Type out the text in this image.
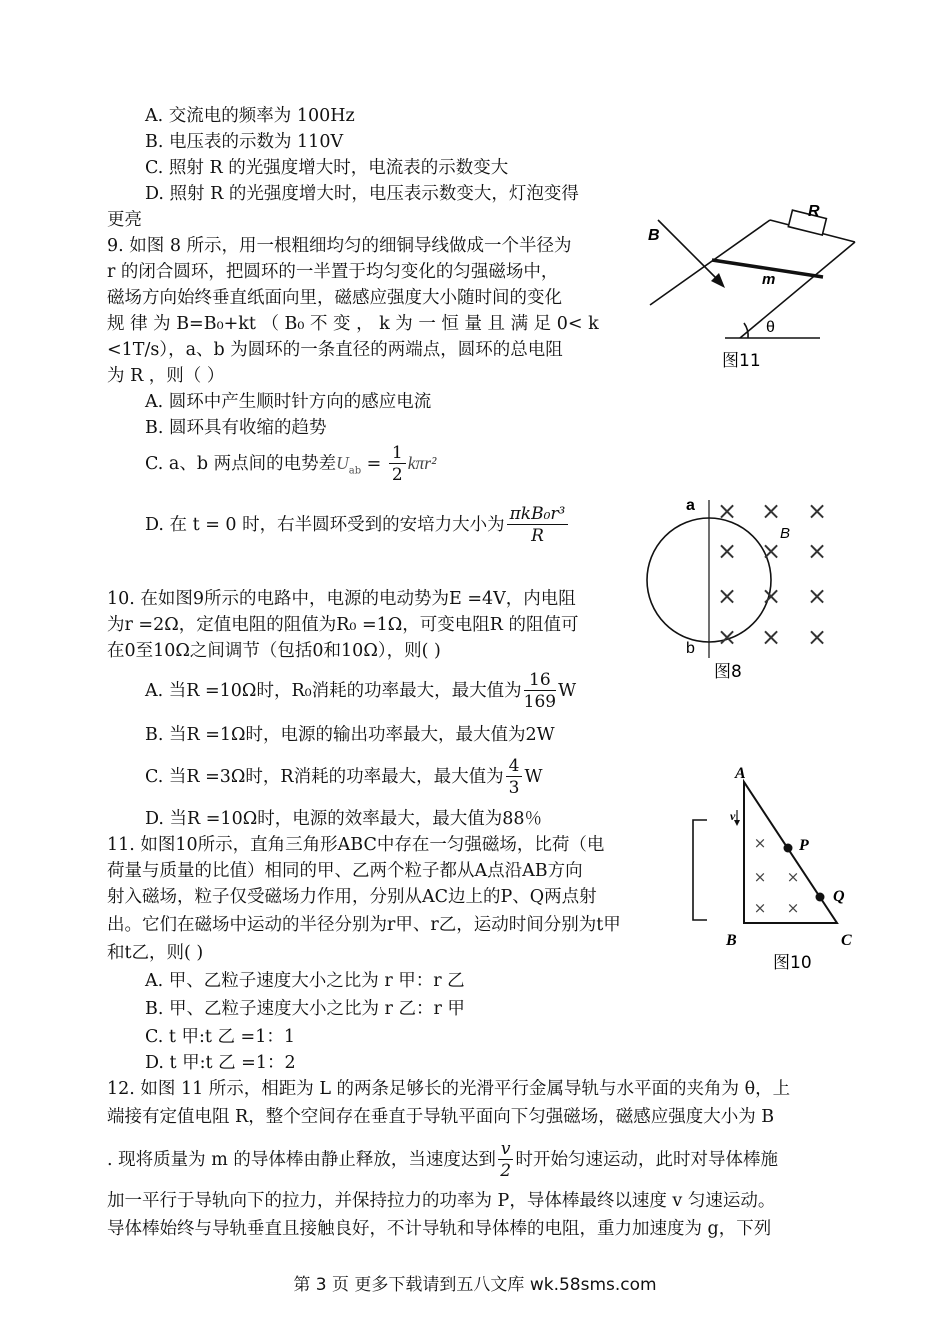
A. 交流电的频率为 100Hz
B. 电压表的示数为 110V
C. 照射 R 的光强度增大时，电流表的示数变大
D. 照射 R 的光强度增大时，电压表示数变大，灯泡变得
更亮
9. 如图 8 所示，用一根粗细均匀的细铜导线做成一个半径为
r 的闭合圆环，把圆环的一半置于均匀变化的匀强磁场中，
磁场方向始终垂直纸面向里，磁感应强度大小随时间的变化
规 律 为 B=B₀+kt （ B₀ 不 变 ， k 为 一 恒 量 且 满 足 0< k
<1T/s），a、b 为圆环的一条直径的两端点，圆环的总电阻
为 R ，则（ ）
A. 圆环中产生顺时针方向的感应电流
B. 圆环具有收缩的趋势
C. a、b 两点间的电势差$U_{ab} = \frac{1}{2} k\pi r^2$
D. 在 t = 0 时，右半圆环受到的安培力大小为 $\frac{\text{πkB₀r³}}{R}$
10. 在如图9所示的电路中，电源的电动势为E =4V，内电阻
为r =2Ω，定值电阻的阻值为R₀ =1Ω，可变电阻R 的阻值可
在0至10Ω之间调节（包括0和10Ω），则( )
A. 当R =10Ω时，R₀消耗的功率最大，最大值为 $\frac{16}{169}$ W
B. 当R =1Ω时，电源的输出功率最大，最大值为2W
C. 当R =3Ω时，R消耗的功率最大，最大值为 $\frac{4}{3}$ W
D. 当R =10Ω时，电源的效率最大，最大值为88％
11. 如图10所示，直角三角形ABC中存在一匀强磁场，比荷（电
荷量与质量的比值）相同的甲、乙两个粒子都从A点沿AB方向
射入磁场，粒子仅受磁场力作用，分别从AC边上的P、Q两点射
出。它们在磁场中运动的半径分别为r甲、r乙，运动时间分别为t甲
和t乙，则( )
A. 甲、乙粒子速度大小之比为 r 甲：r 乙
B. 甲、乙粒子速度大小之比为 r 乙：r 甲
C. t 甲:t 乙 =1：1
D. t 甲:t 乙 =1：2
12. 如图 11 所示，相距为 L 的两条足够长的光滑平行金属导轨与水平面的夹角为 θ，上
端接有定值电阻 R，整个空间存在垂直于导轨平面向下匀强磁场，磁感应强度大小为 B
. 现将质量为 m 的导体棒由静止释放，当速度达到 $\frac{v}{2}$ 时开始匀速运动，此时对导体棒施
加一平行于导轨向下的拉力，并保持拉力的功率为 P，导体棒最终以速度 v 匀速运动。
导体棒始终与导轨垂直且接触良好，不计导轨和导体棒的电阻，重力加速度为 g，下列
B
R
m
θ
图11
× × ×
× × ×
× × ×
× × ×
a
b
B
图8
×
× ×
× ×
A
B	C
P
Q
v
图10
第 3 页 更多下载请到五八文库 wk.58sms.com
